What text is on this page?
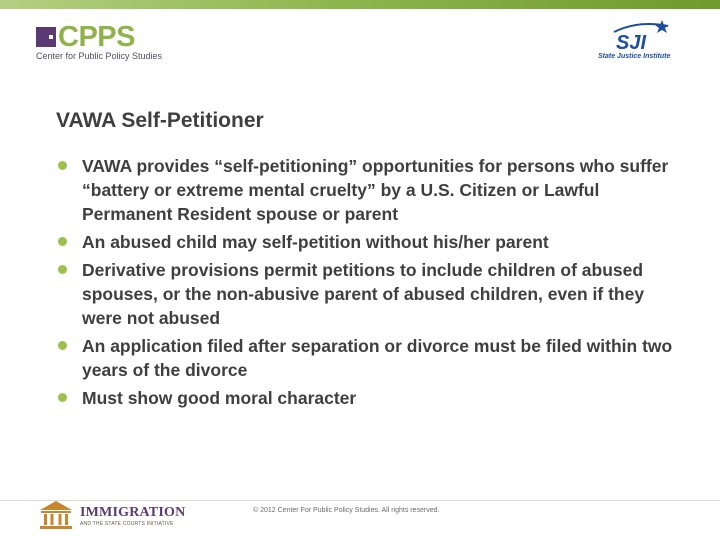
CPPS
Center for Public Policy Studies
SJI
State Justice Institute
VAWA Self-Petitioner
VAWA provides “self-petitioning” opportunities for persons who suffer “battery or extreme mental cruelty” by a U.S. Citizen or Lawful Permanent Resident spouse or parent
An abused child may self-petition without his/her parent
Derivative provisions permit petitions to include children of abused spouses, or the non-abusive parent of abused children, even if they were not abused
An application filed after separation or divorce must be filed within two years of the divorce
Must show good moral character
IMMIGRATION
AND THE STATE COURTS INITIATIVE
© 2012 Center For Public Policy Studies. All rights reserved.
